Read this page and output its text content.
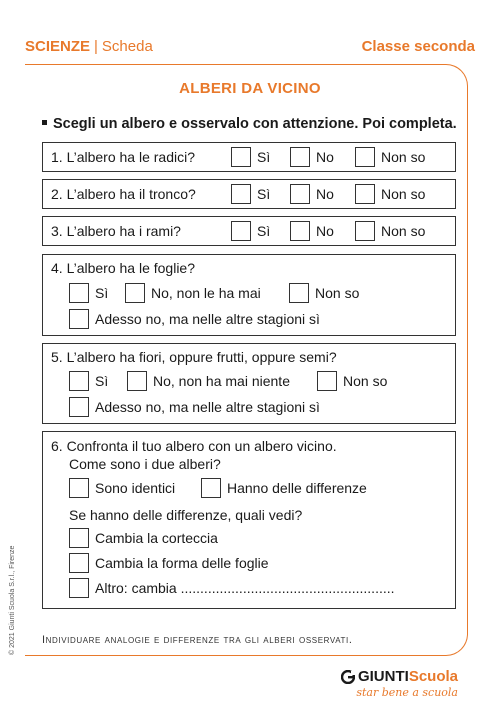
SCIENZE | Scheda	Classe seconda
ALBERI DA VICINO
Scegli un albero e osservalo con attenzione. Poi completa.
1. L’albero ha le radici?	Sì	No	Non so
2. L’albero ha il tronco?	Sì	No	Non so
3. L’albero ha i rami?	Sì	No	Non so
4. L’albero ha le foglie?
Sì	No, non le ha mai	Non so
Adesso no, ma nelle altre stagioni sì
5. L’albero ha fiori, oppure frutti, oppure semi?
Sì	No, non ha mai niente	Non so
Adesso no, ma nelle altre stagioni sì
6. Confronta il tuo albero con un albero vicino.
Come sono i due alberi?
Sono identici	Hanno delle differenze
Se hanno delle differenze, quali vedi?
Cambia la corteccia
Cambia la forma delle foglie
Altro: cambia .......................................................
Individuare analogie e differenze tra gli alberi osservati.
© 2021 Giunti Scuola S.r.l., Firenze
GIUNTI Scuola
star bene a scuola
